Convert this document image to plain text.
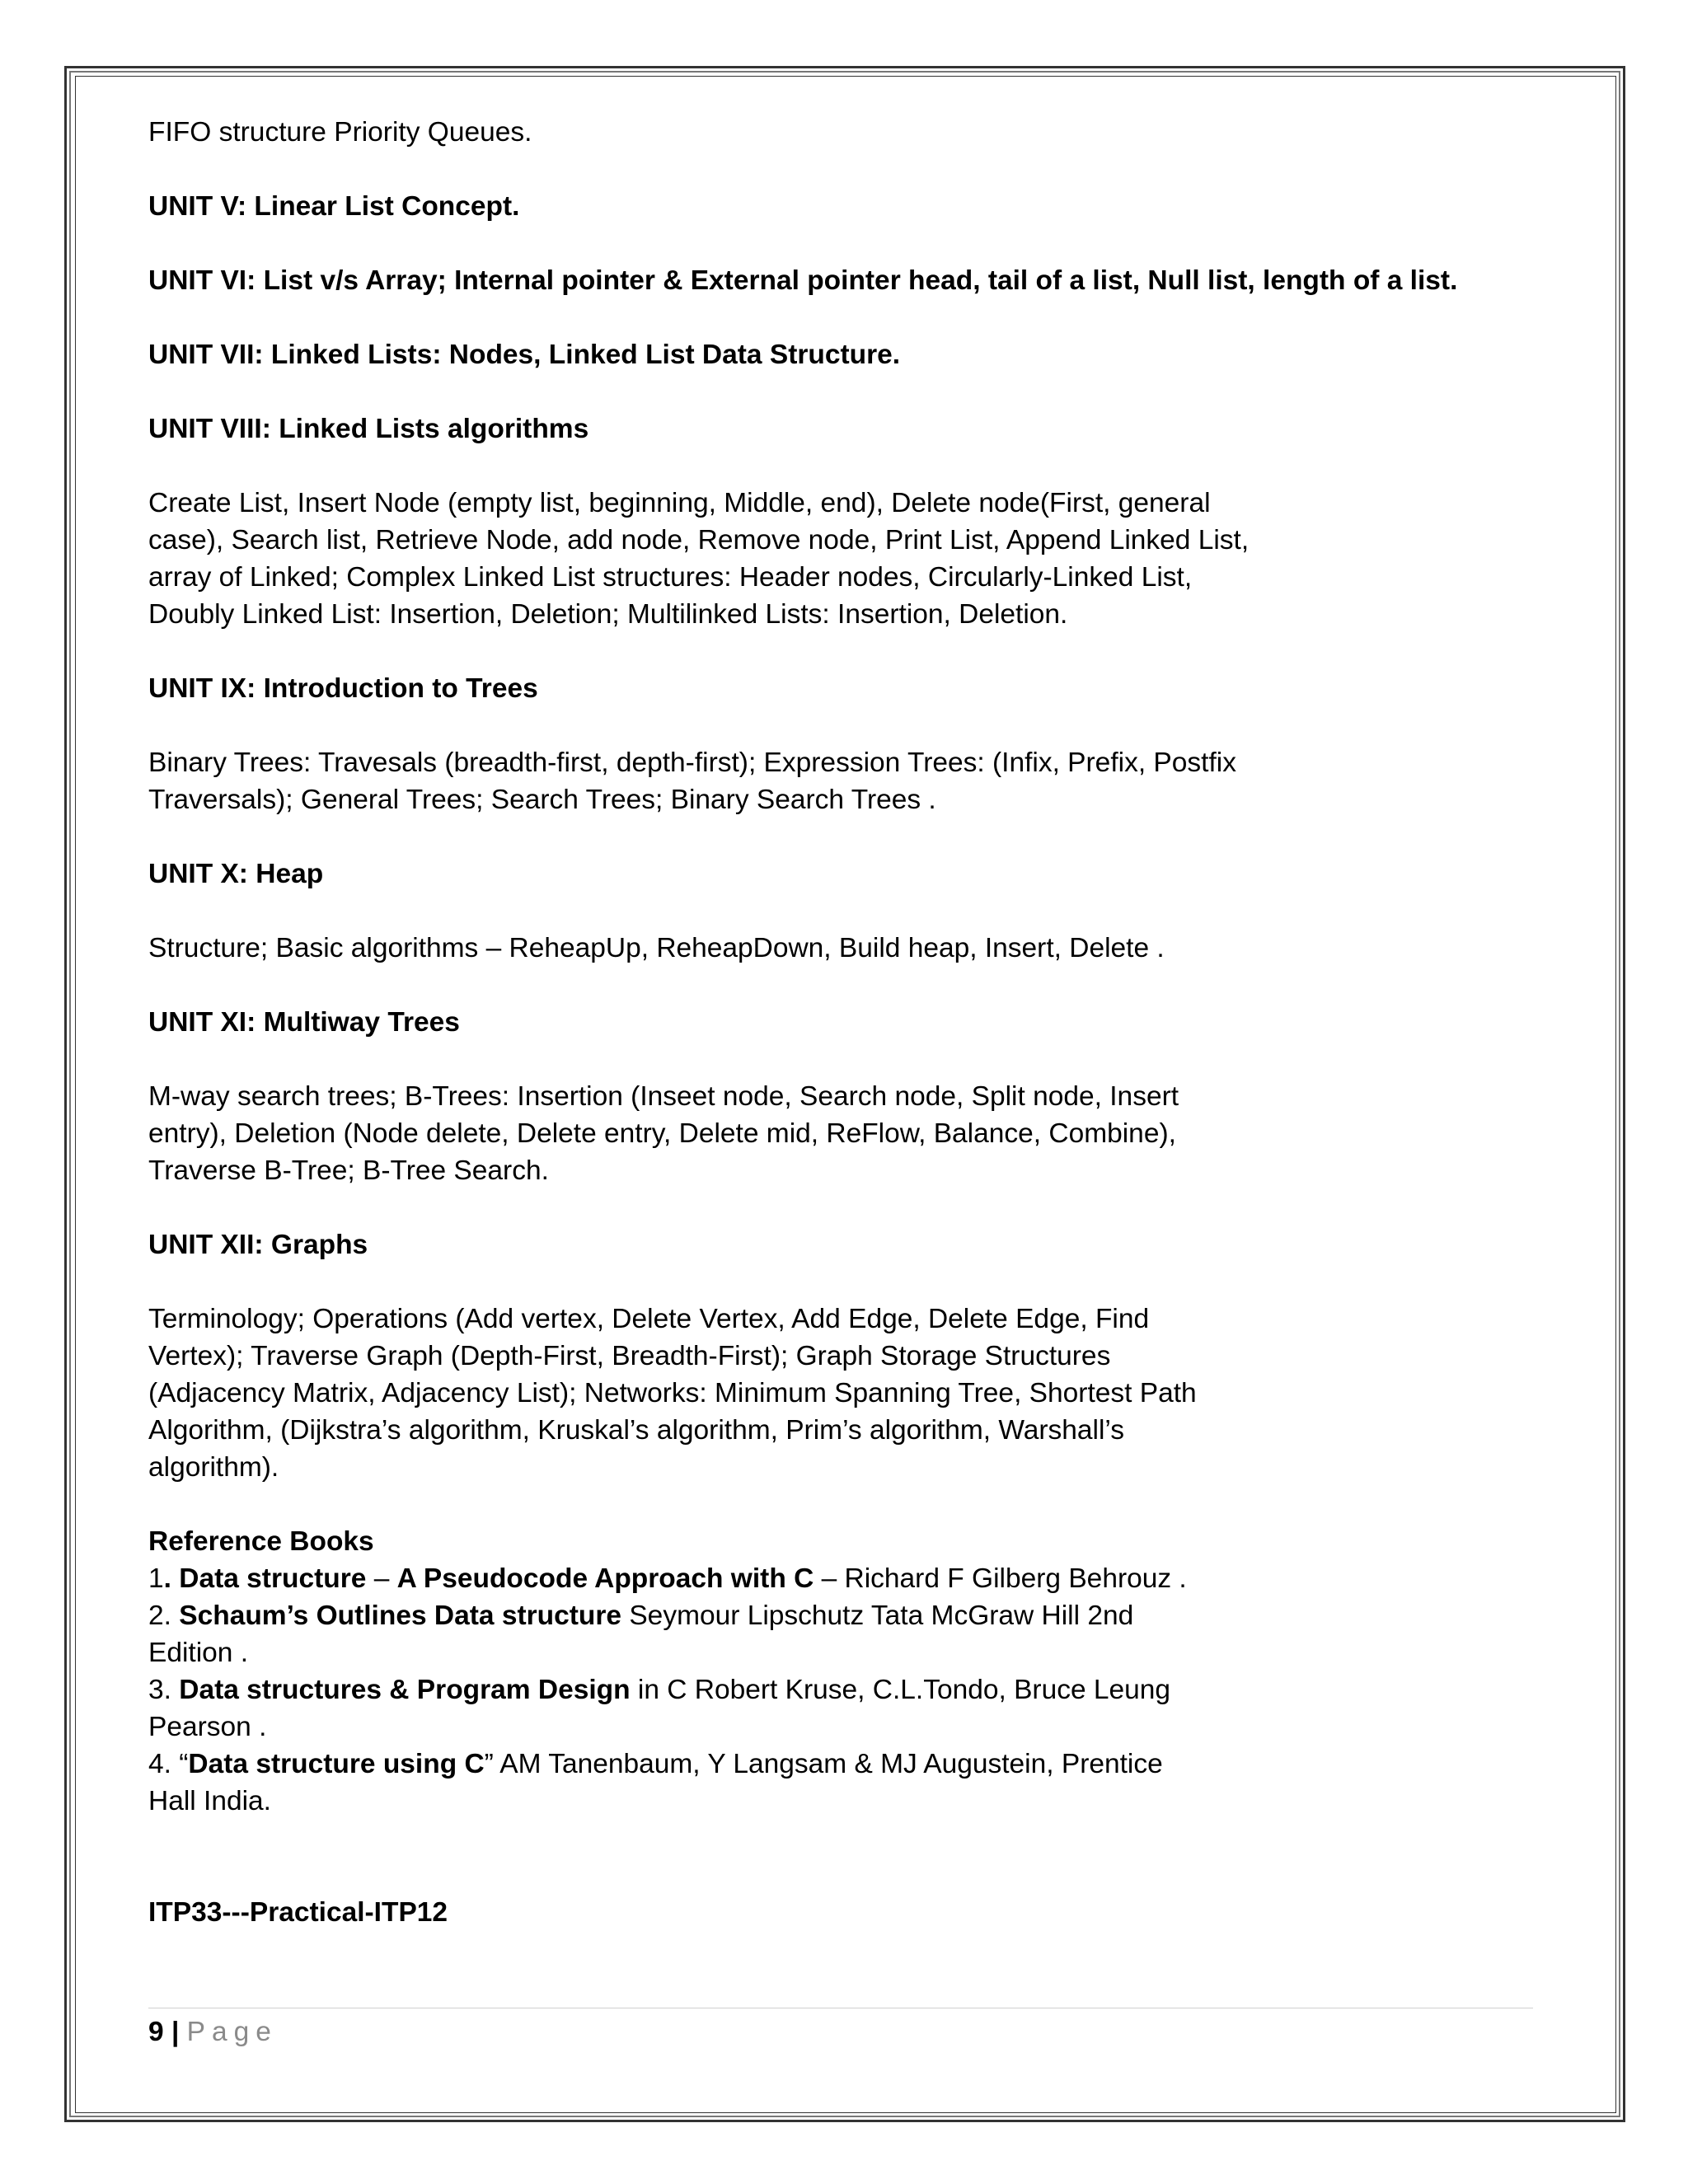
FIFO structure Priority Queues.

UNIT V: Linear List Concept.

UNIT VI: List v/s Array; Internal pointer & External pointer head, tail of a list, Null list, length of a list.

UNIT VII: Linked Lists: Nodes, Linked List Data Structure.

UNIT VIII: Linked Lists algorithms

Create List, Insert Node (empty list, beginning, Middle, end), Delete node(First, general
case), Search list, Retrieve Node, add node, Remove node, Print List, Append Linked List,
array of Linked; Complex Linked List structures: Header nodes, Circularly-Linked List,
Doubly Linked List: Insertion, Deletion; Multilinked Lists: Insertion, Deletion.

UNIT IX: Introduction to Trees

Binary Trees: Travesals (breadth-first, depth-first); Expression Trees: (Infix, Prefix, Postfix
Traversals); General Trees; Search Trees; Binary Search Trees .

UNIT X: Heap

Structure; Basic algorithms – ReheapUp, ReheapDown, Build heap, Insert, Delete .

UNIT XI: Multiway Trees

M-way search trees; B-Trees: Insertion (Inseet node, Search node, Split node, Insert
entry), Deletion (Node delete, Delete entry, Delete mid, ReFlow, Balance, Combine),
Traverse B-Tree; B-Tree Search.

UNIT XII: Graphs

Terminology; Operations (Add vertex, Delete Vertex, Add Edge, Delete Edge, Find
Vertex); Traverse Graph (Depth-First, Breadth-First); Graph Storage Structures
(Adjacency Matrix, Adjacency List); Networks: Minimum Spanning Tree, Shortest Path
Algorithm, (Dijkstra’s algorithm, Kruskal’s algorithm, Prim’s algorithm, Warshall’s
algorithm).
Reference Books
1. Data structure – A Pseudocode Approach with C – Richard F Gilberg Behrouz .
2. Schaum’s Outlines Data structure Seymour Lipschutz Tata McGraw Hill 2nd
Edition .
3. Data structures & Program Design in C Robert Kruse, C.L.Tondo, Bruce Leung
Pearson .
4. “Data structure using C” AM Tanenbaum, Y Langsam & MJ Augustein, Prentice
Hall India.

ITP33---Practical-ITP12

9 | Page
